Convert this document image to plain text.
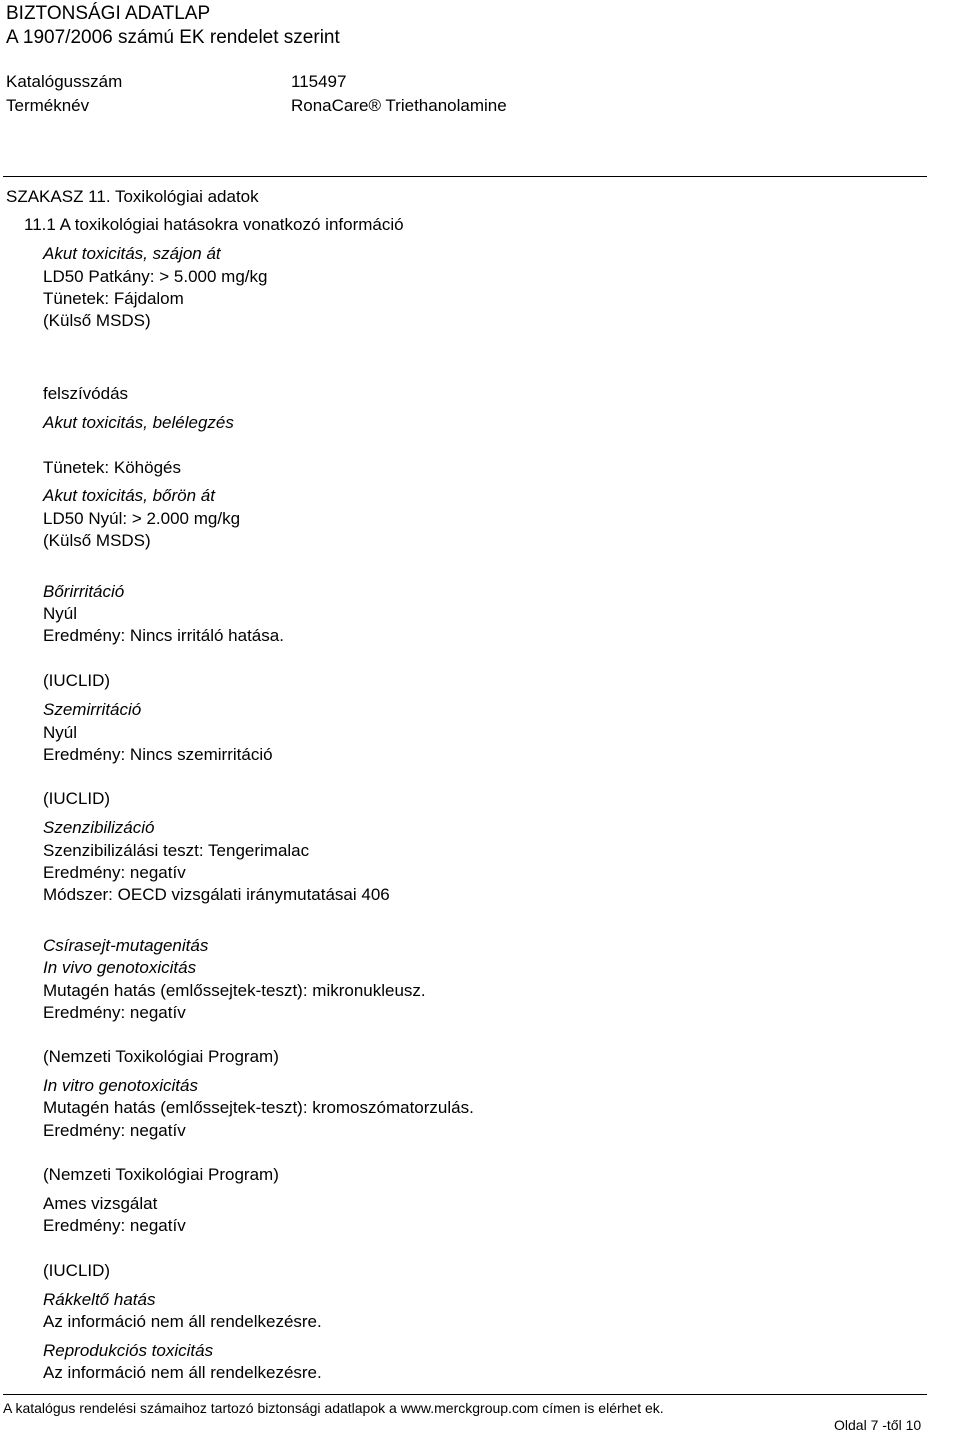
BIZTONSÁGI ADATLAP
A 1907/2006 számú EK rendelet szerint
Katalógusszám	115497
Terméknév	RonaCare® Triethanolamine
SZAKASZ 11. Toxikológiai adatok
11.1 A toxikológiai hatásokra vonatkozó információ
Akut toxicitás, szájon át
LD50 Patkány: > 5.000 mg/kg
Tünetek: Fájdalom
(Külső MSDS)
felszívódás
Akut toxicitás, belélegzés
Tünetek: Köhögés
Akut toxicitás, bőrön át
LD50 Nyúl: > 2.000 mg/kg
(Külső MSDS)
Bőrirritáció
Nyúl
Eredmény: Nincs irritáló hatása.
(IUCLID)
Szemirritáció
Nyúl
Eredmény: Nincs szemirritáció
(IUCLID)
Szenzibilizáció
Szenzibilizálási teszt: Tengerimalac
Eredmény: negatív
Módszer: OECD vizsgálati iránymutatásai 406
Csírasejt-mutagenitás
In vivo genotoxicitás
Mutagén hatás (emlőssejtek-teszt): mikronukleusz.
Eredmény: negatív
(Nemzeti Toxikológiai Program)
In vitro genotoxicitás
Mutagén hatás (emlőssejtek-teszt): kromoszómatorzulás.
Eredmény: negatív
(Nemzeti Toxikológiai Program)
Ames vizsgálat
Eredmény: negatív
(IUCLID)
Rákkeltő hatás
Az információ nem áll rendelkezésre.
Reprodukciós toxicitás
Az információ nem áll rendelkezésre.
A katalógus rendelési számaihoz tartozó biztonsági adatlapok a www.merckgroup.com címen is elérhet ek.
Oldal 7 -től 10
